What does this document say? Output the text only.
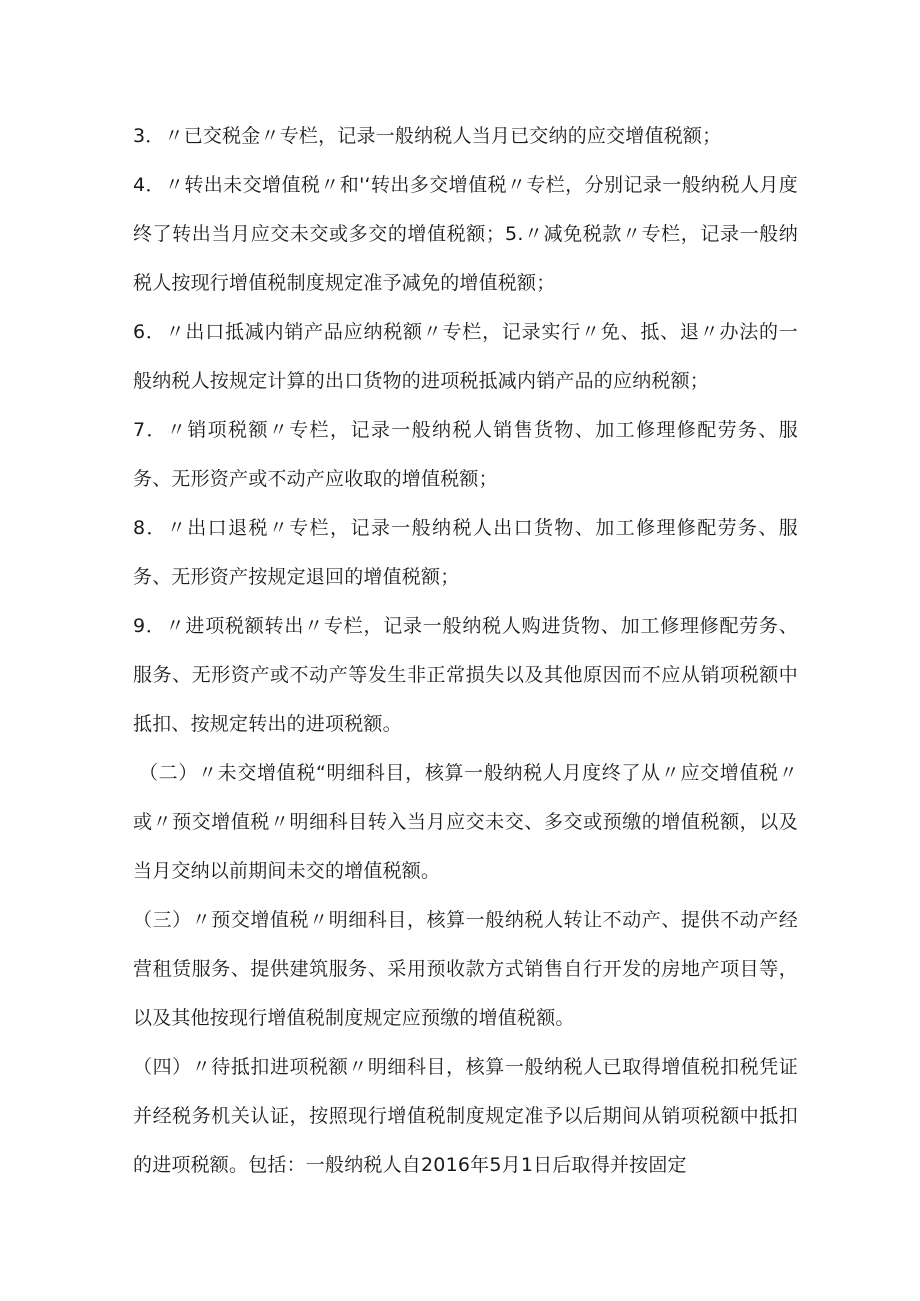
3．〃已交税金〃专栏，记录一般纳税人当月已交纳的应交增值税额；

4．〃转出未交增值税〃和'‘转出多交增值税〃专栏，分别记录一般纳税人月度终了转出当月应交未交或多交的增值税额；5.〃减免税款〃专栏，记录一般纳税人按现行增值税制度规定准予减免的增值税额；

6．〃出口抵减内销产品应纳税额〃专栏，记录实行〃免、抵、退〃办法的一般纳税人按规定计算的出口货物的进项税抵减内销产品的应纳税额；

7．〃销项税额〃专栏，记录一般纳税人销售货物、加工修理修配劳务、服务、无形资产或不动产应收取的增值税额；

8．〃出口退税〃专栏，记录一般纳税人出口货物、加工修理修配劳务、服务、无形资产按规定退回的增值税额；

9．〃进项税额转出〃专栏，记录一般纳税人购进货物、加工修理修配劳务、服务、无形资产或不动产等发生非正常损失以及其他原因而不应从销项税额中抵扣、按规定转出的进项税额。

（二）〃未交增值税“明细科目，核算一般纳税人月度终了从〃应交增值税〃或〃预交增值税〃明细科目转入当月应交未交、多交或预缴的增值税额，以及当月交纳以前期间未交的增值税额。

（三）〃预交增值税〃明细科目，核算一般纳税人转让不动产、提供不动产经营租赁服务、提供建筑服务、采用预收款方式销售自行开发的房地产项目等，以及其他按现行增值税制度规定应预缴的增值税额。

（四）〃待抵扣进项税额〃明细科目，核算一般纳税人已取得增值税扣税凭证并经税务机关认证，按照现行增值税制度规定准予以后期间从销项税额中抵扣的进项税额。包括：一般纳税人自2016年5月1日后取得并按固定
